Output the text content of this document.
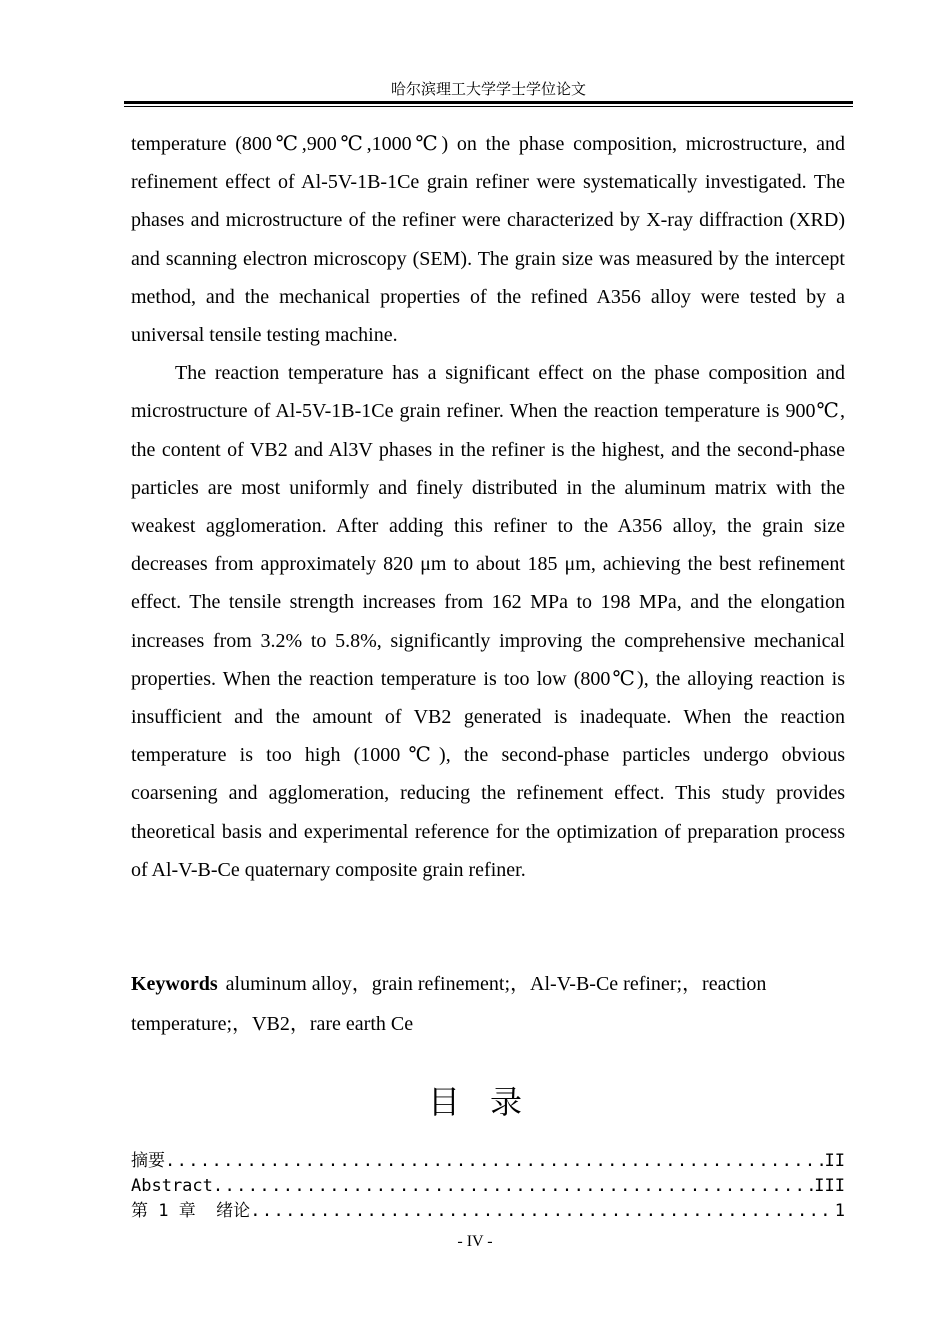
哈尔滨理工大学学士学位论文

temperature (800℃,900℃,1000℃) on the phase composition, microstructure, and refinement effect of Al-5V-1B-1Ce grain refiner were systematically investigated. The phases and microstructure of the refiner were characterized by X-ray diffraction (XRD) and scanning electron microscopy (SEM). The grain size was measured by the intercept method, and the mechanical properties of the refined A356 alloy were tested by a universal tensile testing machine.

The reaction temperature has a significant effect on the phase composition and microstructure of Al-5V-1B-1Ce grain refiner. When the reaction temperature is 900℃, the content of VB2 and Al3V phases in the refiner is the highest, and the second-phase particles are most uniformly and finely distributed in the aluminum matrix with the weakest agglomeration. After adding this refiner to the A356 alloy, the grain size decreases from approximately 820 μm to about 185 μm, achieving the best refinement effect. The tensile strength increases from 162 MPa to 198 MPa, and the elongation increases from 3.2% to 5.8%, significantly improving the comprehensive mechanical properties. When the reaction temperature is too low (800℃), the alloying reaction is insufficient and the amount of VB2 generated is inadequate. When the reaction temperature is too high (1000℃), the second-phase particles undergo obvious coarsening and agglomeration, reducing the refinement effect. This study provides theoretical basis and experimental reference for the optimization of preparation process of Al-V-B-Ce quaternary composite grain refiner.

Keywords aluminum alloy，grain refinement;，Al-V-B-Ce refiner;，reaction temperature;，VB2，rare earth Ce
目录
摘要 .....	II
Abstract .....	III
第 1 章  绪论 .....	1
- IV -
